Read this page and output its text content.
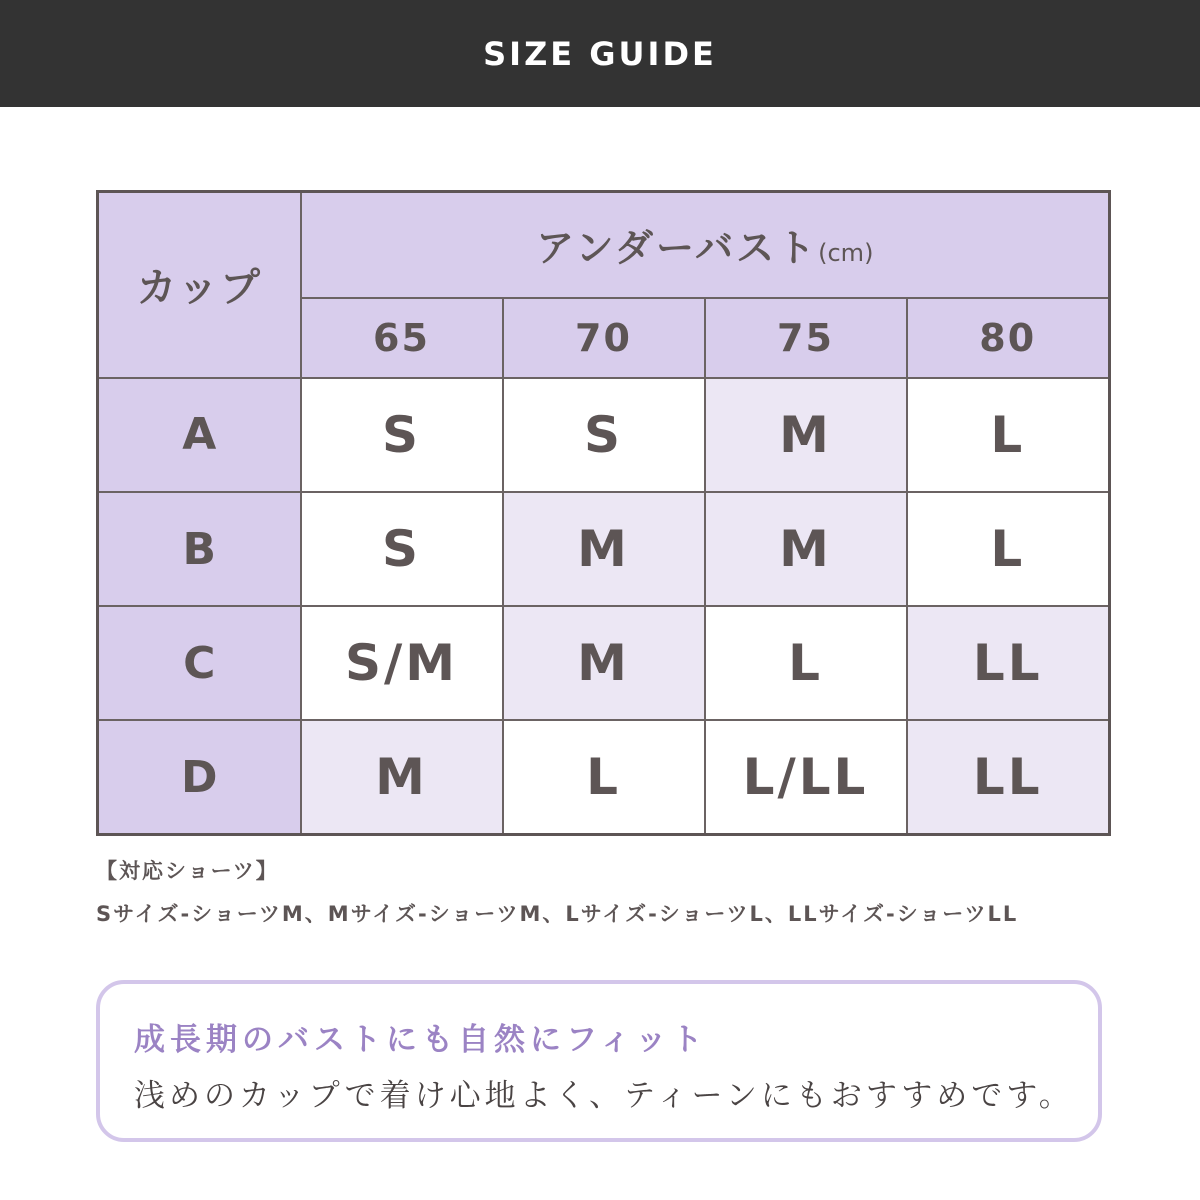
SIZE GUIDE
カップ	アンダーバスト(cm)			
	65	70	75	80
A	S	S	M	L
B	S	M	M	L
C	S/M	M	L	LL
D	M	L	L/LL	LL
【対応ショーツ】
Sサイズ-ショーツM、Mサイズ-ショーツM、Lサイズ-ショーツL、LLサイズ-ショーツLL
成長期のバストにも自然にフィット
浅めのカップで着け心地よく、ティーンにもおすすめです。
